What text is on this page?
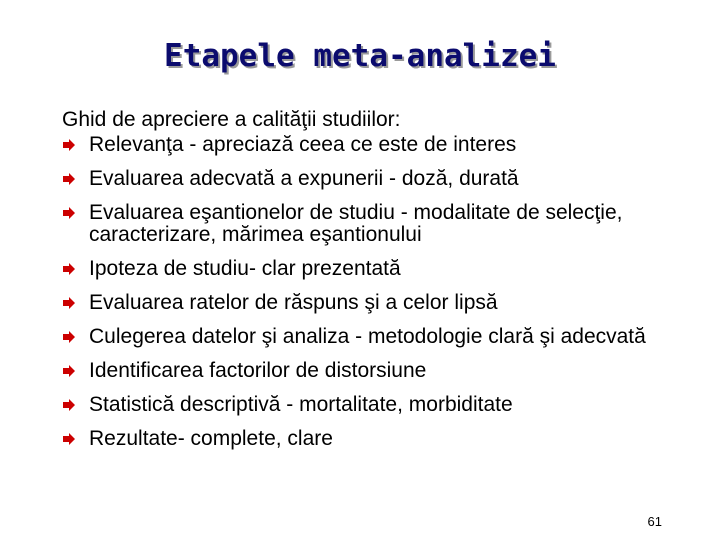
Etapele meta-analizei
Ghid de apreciere a calităţii studiilor:
Relevanţa - apreciază ceea ce este de interes
Evaluarea adecvată a expunerii - doză, durată
Evaluarea eşantionelor de studiu - modalitate de selecţie, caracterizare, mărimea eşantionului
Ipoteza de studiu- clar prezentată
Evaluarea ratelor de răspuns şi a celor lipsă
Culegerea datelor şi analiza - metodologie clară şi adecvată
Identificarea factorilor de distorsiune
Statistică descriptivă - mortalitate, morbiditate
Rezultate- complete, clare
61
